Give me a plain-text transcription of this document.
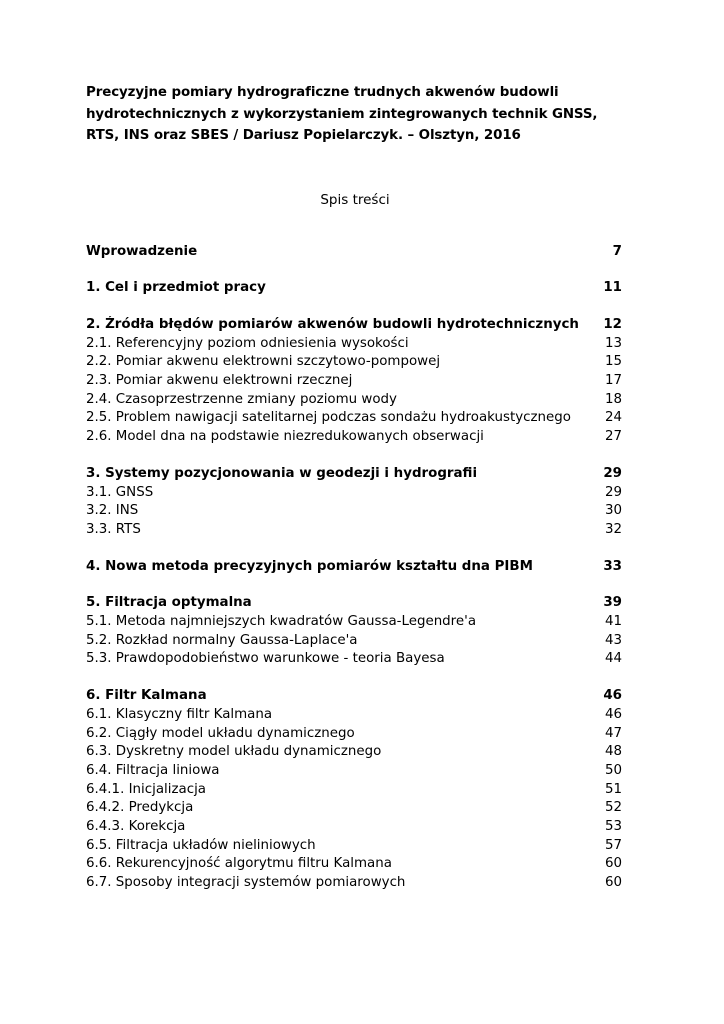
Precyzyjne pomiary hydrograficzne trudnych akwenów budowli hydrotechnicznych z wykorzystaniem zintegrowanych technik GNSS, RTS, INS oraz SBES / Dariusz Popielarczyk. – Olsztyn, 2016

Spis treści
Wprowadzenie	7
1. Cel i przedmiot pracy	11
2. Źródła błędów pomiarów akwenów budowli hydrotechnicznych	12
2.1. Referencyjny poziom odniesienia wysokości	13
2.2. Pomiar akwenu elektrowni szczytowo-pompowej	15
2.3. Pomiar akwenu elektrowni rzecznej	17
2.4. Czasoprzestrzenne zmiany poziomu wody	18
2.5. Problem nawigacji satelitarnej podczas sondażu hydroakustycznego	24
2.6. Model dna na podstawie niezredukowanych obserwacji	27
3. Systemy pozycjonowania w geodezji i hydrografii	29
3.1. GNSS	29
3.2. INS	30
3.3. RTS	32
4. Nowa metoda precyzyjnych pomiarów kształtu dna PIBM	33
5. Filtracja optymalna	39
5.1. Metoda najmniejszych kwadratów Gaussa-Legendre'a	41
5.2. Rozkład normalny Gaussa-Laplace'a	43
5.3. Prawdopodobieństwo warunkowe - teoria Bayesa	44
6. Filtr Kalmana	46
6.1. Klasyczny filtr Kalmana	46
6.2. Ciągły model układu dynamicznego	47
6.3. Dyskretny model układu dynamicznego	48
6.4. Filtracja liniowa	50
6.4.1. Inicjalizacja	51
6.4.2. Predykcja	52
6.4.3. Korekcja	53
6.5. Filtracja układów nieliniowych	57
6.6. Rekurencyjność algorytmu filtru Kalmana	60
6.7. Sposoby integracji systemów pomiarowych	60
